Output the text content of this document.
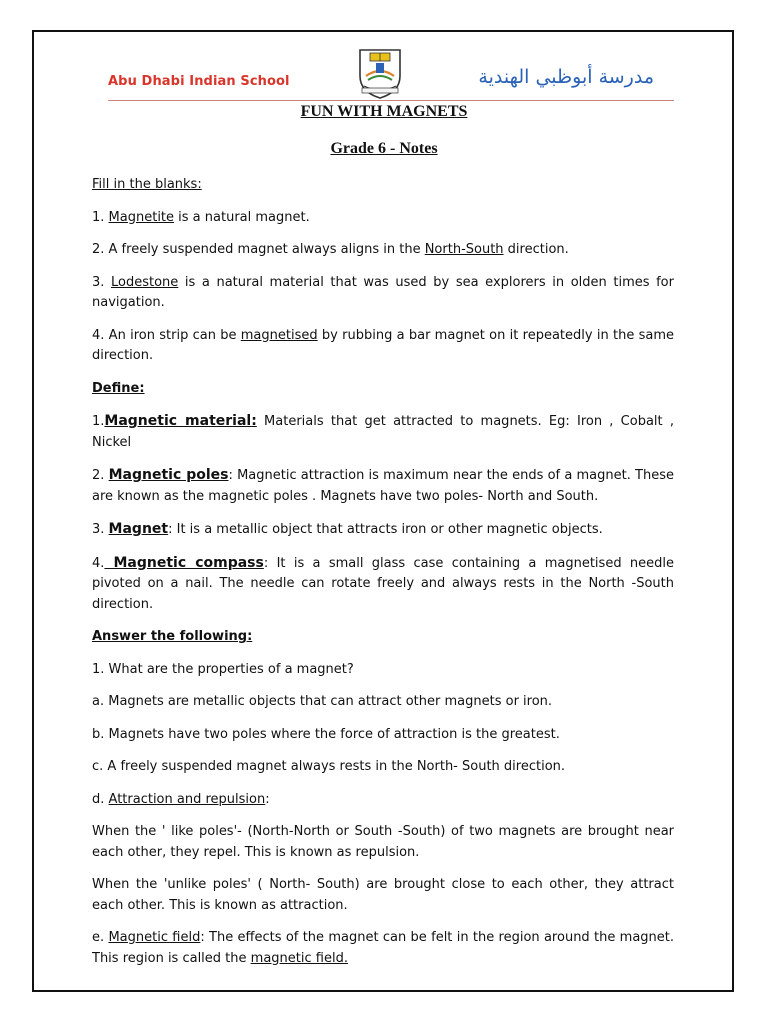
Abu Dhabi Indian School	مدرسة أبوظبي الهندية
FUN WITH MAGNETS
Grade 6 - Notes

Fill in the blanks:

1. Magnetite is a natural magnet.

2. A freely suspended magnet always aligns in the North-South direction.

3. Lodestone is a natural material that was used by sea explorers in olden times for navigation.

4. An iron strip can be magnetised by rubbing a bar magnet on it repeatedly in the same direction.

Define:

1.Magnetic material: Materials that get attracted to magnets. Eg: Iron , Cobalt , Nickel

2. Magnetic poles: Magnetic attraction is maximum near the ends of a magnet. These are known as the magnetic poles . Magnets have two poles- North and South.

3. Magnet: It is a metallic object that attracts iron or other magnetic objects.

4. Magnetic compass: It is a small glass case containing a magnetised needle pivoted on a nail. The needle can rotate freely and always rests in the North -South direction.

Answer the following:

1. What are the properties of a magnet?

a. Magnets are metallic objects that can attract other magnets or iron.

b. Magnets have two poles where the force of attraction is the greatest.

c. A freely suspended magnet always rests in the North- South direction.

d. Attraction and repulsion:

When the ' like poles'- (North-North or South -South) of two magnets are brought near each other, they repel. This is known as repulsion.

When the 'unlike poles' ( North- South) are brought close to each other, they attract each other. This is known as attraction.

e. Magnetic field: The effects of the magnet can be felt in the region around the magnet. This region is called the magnetic field.
